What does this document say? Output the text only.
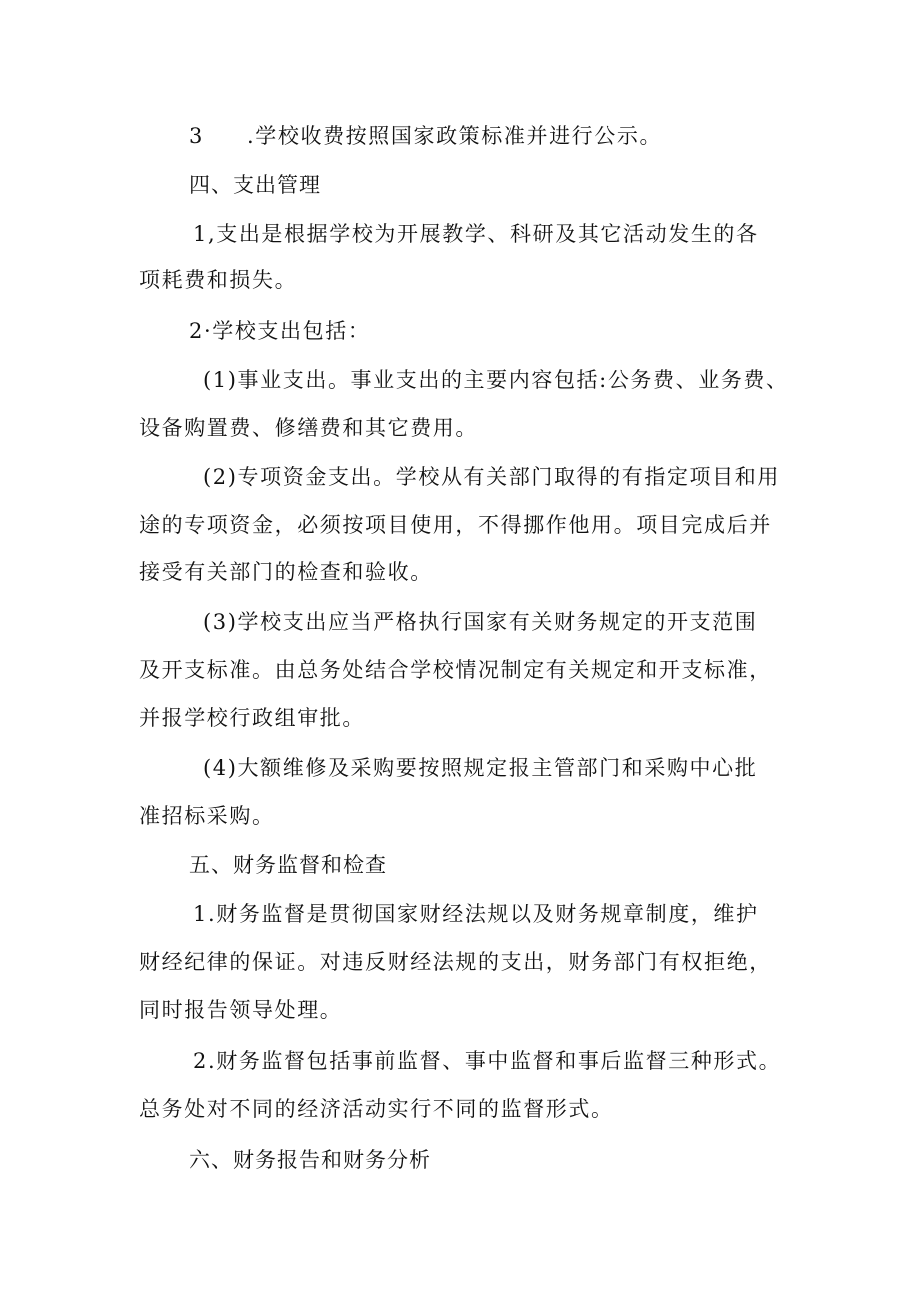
3 .学校收费按照国家政策标准并进行公示。
四、支出管理
1,支出是根据学校为开展教学、科研及其它活动发生的各
项耗费和损失。
2·学校支出包括：
(1)事业支出。事业支出的主要内容包括:公务费、业务费、
设备购置费、修缮费和其它费用。
(2)专项资金支出。学校从有关部门取得的有指定项目和用
途的专项资金，必须按项目使用，不得挪作他用。项目完成后并
接受有关部门的检查和验收。
(3)学校支出应当严格执行国家有关财务规定的开支范围
及开支标准。由总务处结合学校情况制定有关规定和开支标准，
并报学校行政组审批。
(4)大额维修及采购要按照规定报主管部门和采购中心批
准招标采购。
五、财务监督和检查
1.财务监督是贯彻国家财经法规以及财务规章制度，维护
财经纪律的保证。对违反财经法规的支出，财务部门有权拒绝，
同时报告领导处理。
2.财务监督包括事前监督、事中监督和事后监督三种形式。
总务处对不同的经济活动实行不同的监督形式。
六、财务报告和财务分析
